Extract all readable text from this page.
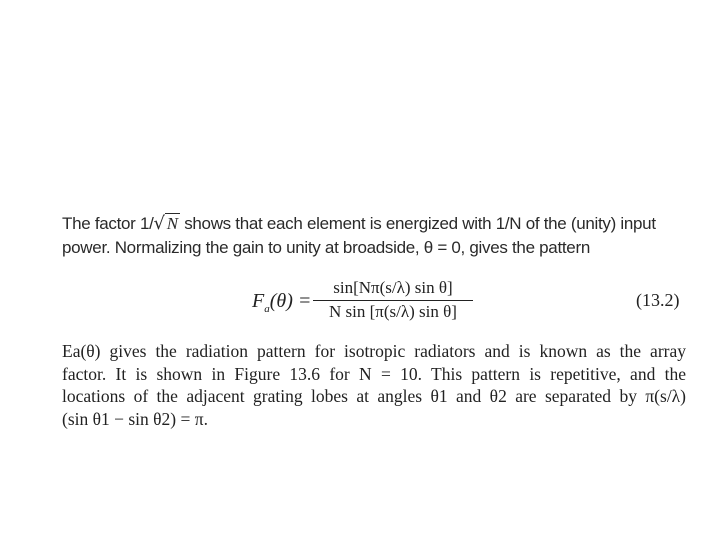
The factor 1/√ N shows that each element is energized with 1/N of the (unity) input
power. Normalizing the gain to unity at broadside, θ = 0, gives the pattern
$F_a(\theta)$ =
sin[Nπ(s/λ) sin θ]
N sin [π(s/λ) sin θ]
(13.2)
Ea(θ) gives the radiation pattern for isotropic radiators and is known as the array
factor. It is shown in Figure 13.6 for N = 10. This pattern is repetitive, and the
locations of the adjacent grating lobes at angles θ1 and θ2 are separated by π(s/λ)
(sin θ1 − sin θ2) = π.
